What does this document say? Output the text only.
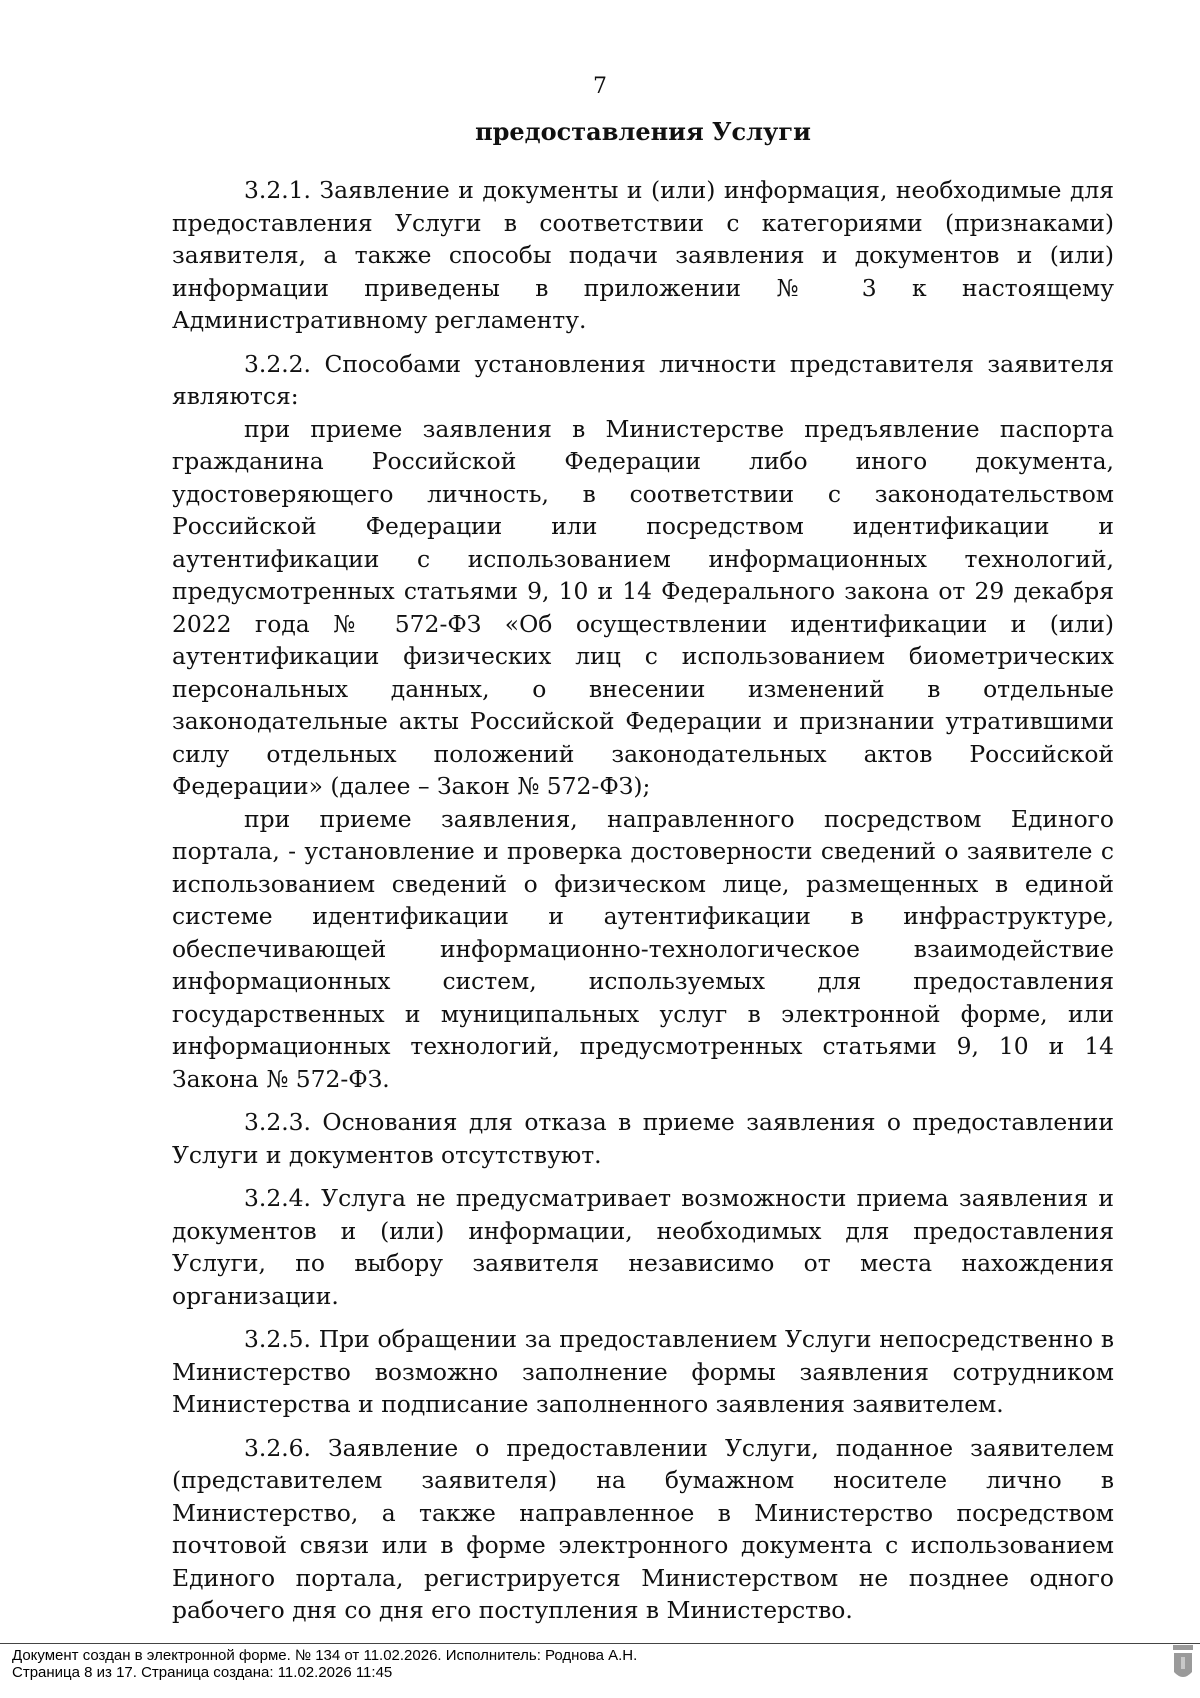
7
предоставления Услуги

3.2.1. Заявление и документы и (или) информация, необходимые для предоставления Услуги в соответствии с категориями (признаками) заявителя, а также способы подачи заявления и документов и (или) информации приведены в приложении № 3 к настоящему Административному регламенту.

3.2.2. Способами установления личности представителя заявителя являются:

при приеме заявления в Министерстве предъявление паспорта гражданина Российской Федерации либо иного документа, удостоверяющего личность, в соответствии с законодательством Российской Федерации или посредством идентификации и аутентификации с использованием информационных технологий, предусмотренных статьями 9, 10 и 14 Федерального закона от 29 декабря 2022 года № 572-ФЗ «Об осуществлении идентификации и (или) аутентификации физических лиц с использованием биометрических персональных данных, о внесении изменений в отдельные законодательные акты Российской Федерации и признании утратившими силу отдельных положений законодательных актов Российской Федерации» (далее – Закон № 572-ФЗ);

при приеме заявления, направленного посредством Единого портала, - установление и проверка достоверности сведений о заявителе с использованием сведений о физическом лице, размещенных в единой системе идентификации и аутентификации в инфраструктуре, обеспечивающей информационно-технологическое взаимодействие информационных систем, используемых для предоставления государственных и муниципальных услуг в электронной форме, или информационных технологий, предусмотренных статьями 9, 10 и 14 Закона № 572-ФЗ.

3.2.3. Основания для отказа в приеме заявления о предоставлении Услуги и документов отсутствуют.

3.2.4. Услуга не предусматривает возможности приема заявления и документов и (или) информации, необходимых для предоставления Услуги, по выбору заявителя независимо от места нахождения организации.

3.2.5. При обращении за предоставлением Услуги непосредственно в Министерство возможно заполнение формы заявления сотрудником Министерства и подписание заполненного заявления заявителем.

3.2.6. Заявление о предоставлении Услуги, поданное заявителем (представителем заявителя) на бумажном носителе лично в Министерство, а также направленное в Министерство посредством почтовой связи или в форме электронного документа с использованием Единого портала, регистрируется Министерством не позднее одного рабочего дня со дня его поступления в Министерство.

Документ создан в электронной форме. № 134 от 11.02.2026. Исполнитель: Роднова А.Н.
Страница 8 из 17. Страница создана: 11.02.2026 11:45
